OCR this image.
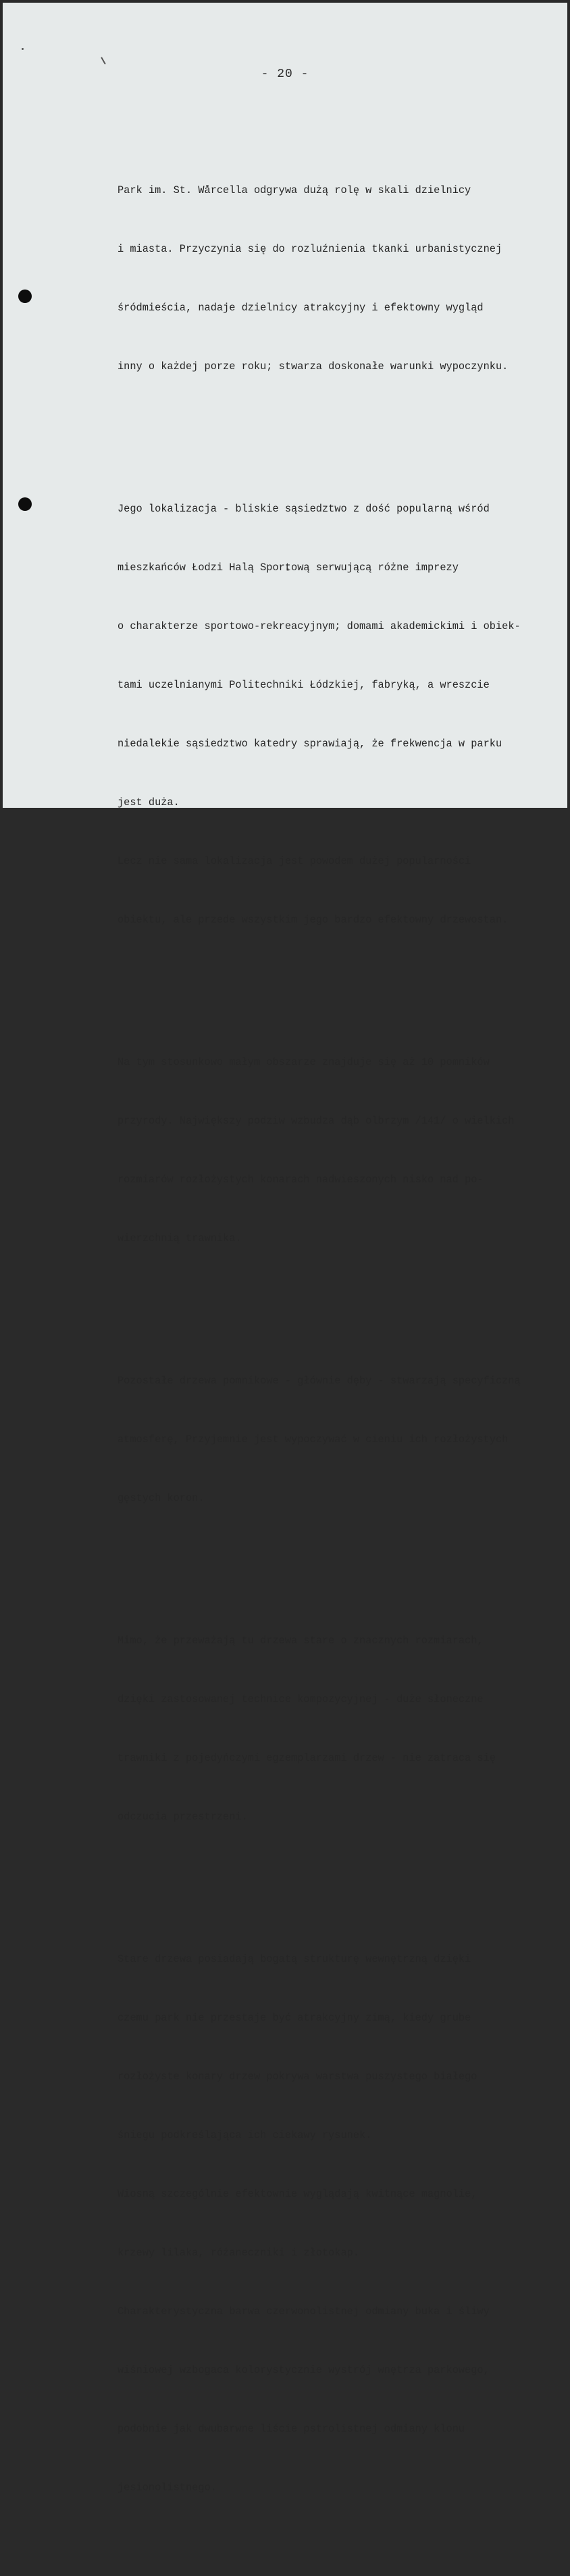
- 20 -

Park im. St. Wårcella odgrywa dużą rolę w skali dzielnicy

i miasta. Przyczynia się do rozluźnienia tkanki urbanistycznej

śródmieścia, nadaje dzielnicy atrakcyjny i efektowny wygląd

inny o każdej porze roku; stwarza doskonałe warunki wypoczynku.

Jego lokalizacja - bliskie sąsiedztwo z dość popularną wśród

mieszkańców Łodzi Halą Sportową serwującą różne imprezy

o charakterze sportowo-rekreacyjnym; domami akademickimi i obiek-

tami uczelnianymi Politechniki Łódzkiej, fabryką, a wreszcie

niedalekie sąsiedztwo katedry sprawiają, że frekwencja w parku

jest duża.

Lecz nie sama lokalizacja jest powodem dużej popularności

obiektu, ale przede wszystkim jego bardzo efektowny drzewostan.

Na tym stosunkowo małym obszarze znajduje się aż 10 pomników

przyrody. Największy podziw wzbudza dąb olbrzym /141/ o wielkich

rozmiarów rozłożystych konarach nadwieszonych nisko nad po-

wierzchnią trawnika.

Pozostałe drzewa pomnikowe - głównie dęby - stwarzają specyficzną

atmosferę, Przyjemnie jest wypoczywać w cieniu ich rozłożystych

gęstych koron.

Mimo, że przeważają tu drzewa stare o znacznych rozmiarach,

dzięki zastosowanej technice kompozycyjnej - duże słoneczne

trawniki z pojedyńczymi egzemplarzami drzew - nie zatraca się

odczucia przestrzeni.

Stare drzewa posiadają bogatą strukturę wewnętrzną dzięki

czemu park nie przestaje być atrakcyjny zimą, kiedy grube

rozłożyste konary drzew pokrywa warstwa puszystego białego

śniegu podkreślająca ich ciekawy rysunek.

Wiosną szczególnie efektownie wyglądają kwitnące magnolie,

krzewy lilaka, różaneczniki i złotokap.

Charakterystyczna barwa czerwonolistnej odmiany buka i śliwy

wiśniowej wzbogaca kolorystycznie wystrój wnętrza parkowego,

podobnie jak dwubarwne liście pstrolistnej odmiany klonu

jesionolistnego.
